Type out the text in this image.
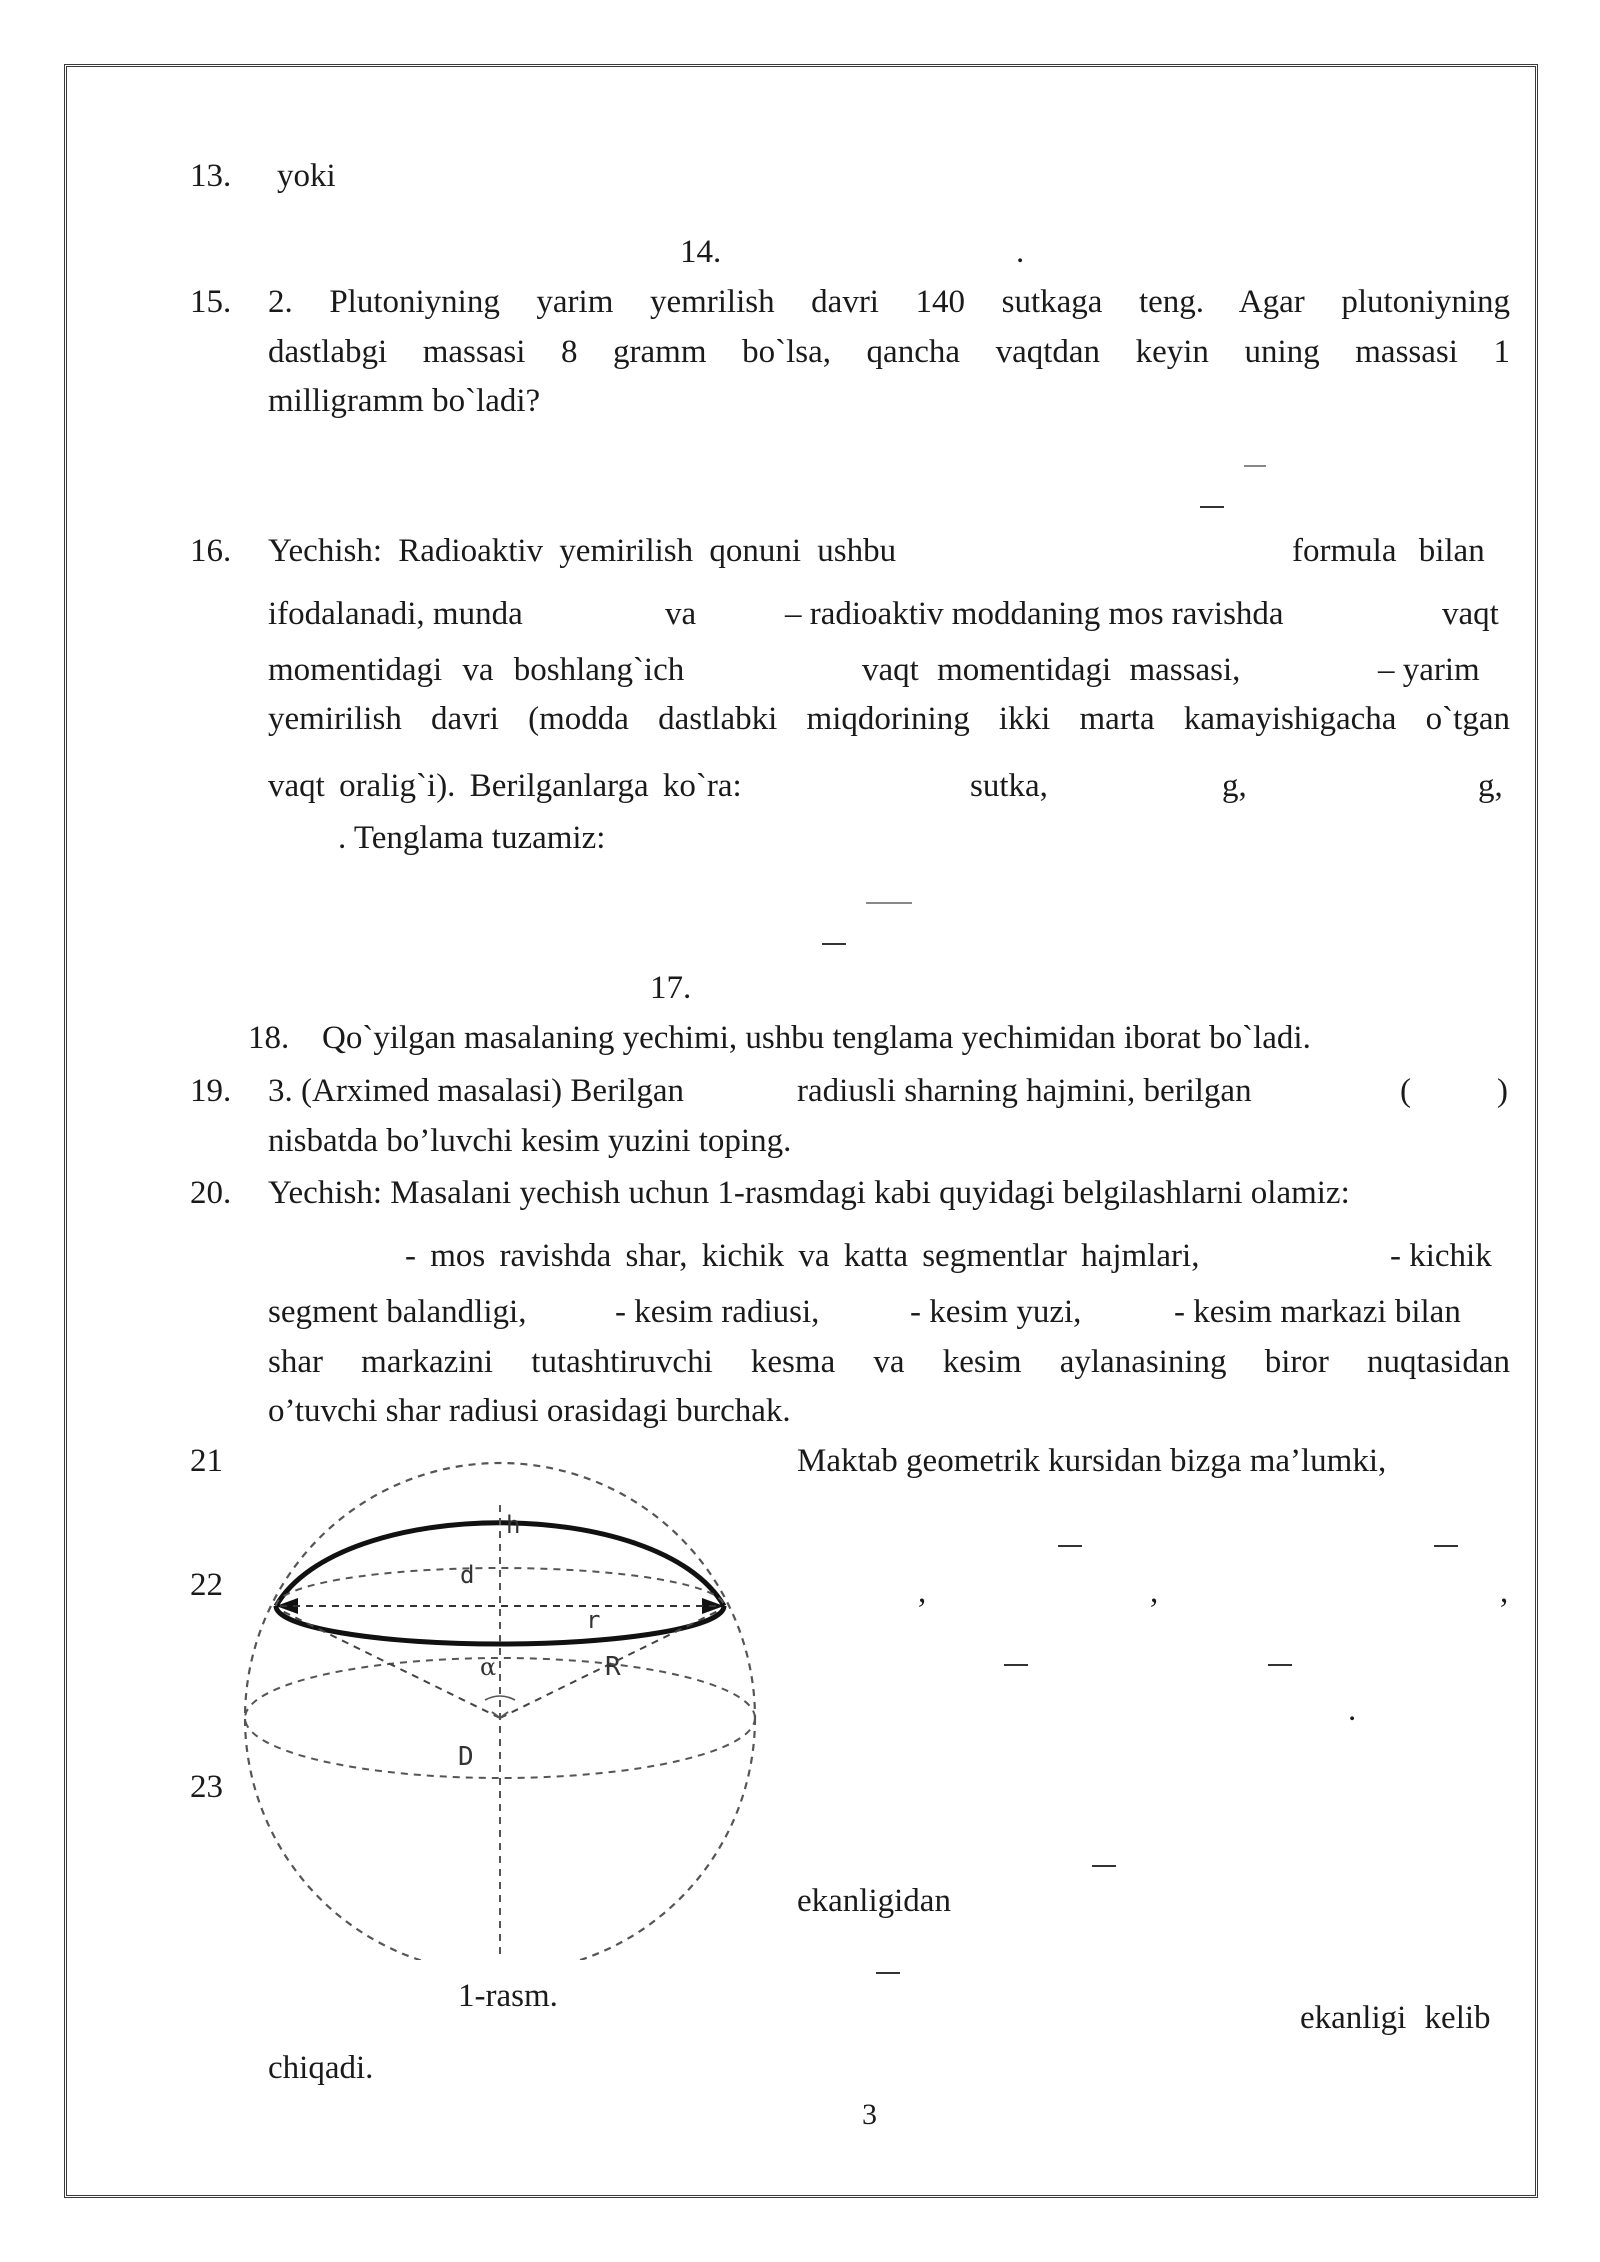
13. yoki
14.	.
15. 2. Plutoniyning yarim yemrilish davri 140 sutkaga teng. Agar plutoniyning
dastlabgi massasi 8 gramm bo`lsa, qancha vaqtdan keyin uning massasi 1
milligramm bo`ladi?
16. Yechish: Radioaktiv yemirilish qonuni ushbu	formula bilan
ifodalanadi, munda	va	– radioaktiv moddaning mos ravishda	vaqt
momentidagi va boshlang`ich	vaqt momentidagi massasi,	– yarim
yemirilish davri (modda dastlabki miqdorining ikki marta kamayishigacha o`tgan
vaqt oralig`i). Berilganlarga ko`ra:	sutka,	g,	g,
. Tenglama tuzamiz:
17.
18. Qo`yilgan masalaning yechimi, ushbu tenglama yechimidan iborat bo`ladi.
19. 3. (Arximed masalasi) Berilgan	radiusli sharning hajmini, berilgan	(	)
nisbatda bo’luvchi kesim yuzini toping.
20. Yechish: Masalani yechish uchun 1-rasmdagi kabi quyidagi belgilashlarni olamiz:
- mos ravishda shar, kichik va katta segmentlar hajmlari,	- kichik
segment balandligi,	- kesim radiusi,	- kesim yuzi,	- kesim markazi bilan
shar markazini tutashtiruvchi kesma va kesim aylanasining biror nuqtasidan
o’tuvchi shar radiusi orasidagi burchak.
21	Maktab geometrik kursidan bizga ma’lumki,
22
23
,	,	,
.
ekanligidan
ekanligi kelib
chiqadi.
h
d
r
α	R
D
1-rasm.
3
